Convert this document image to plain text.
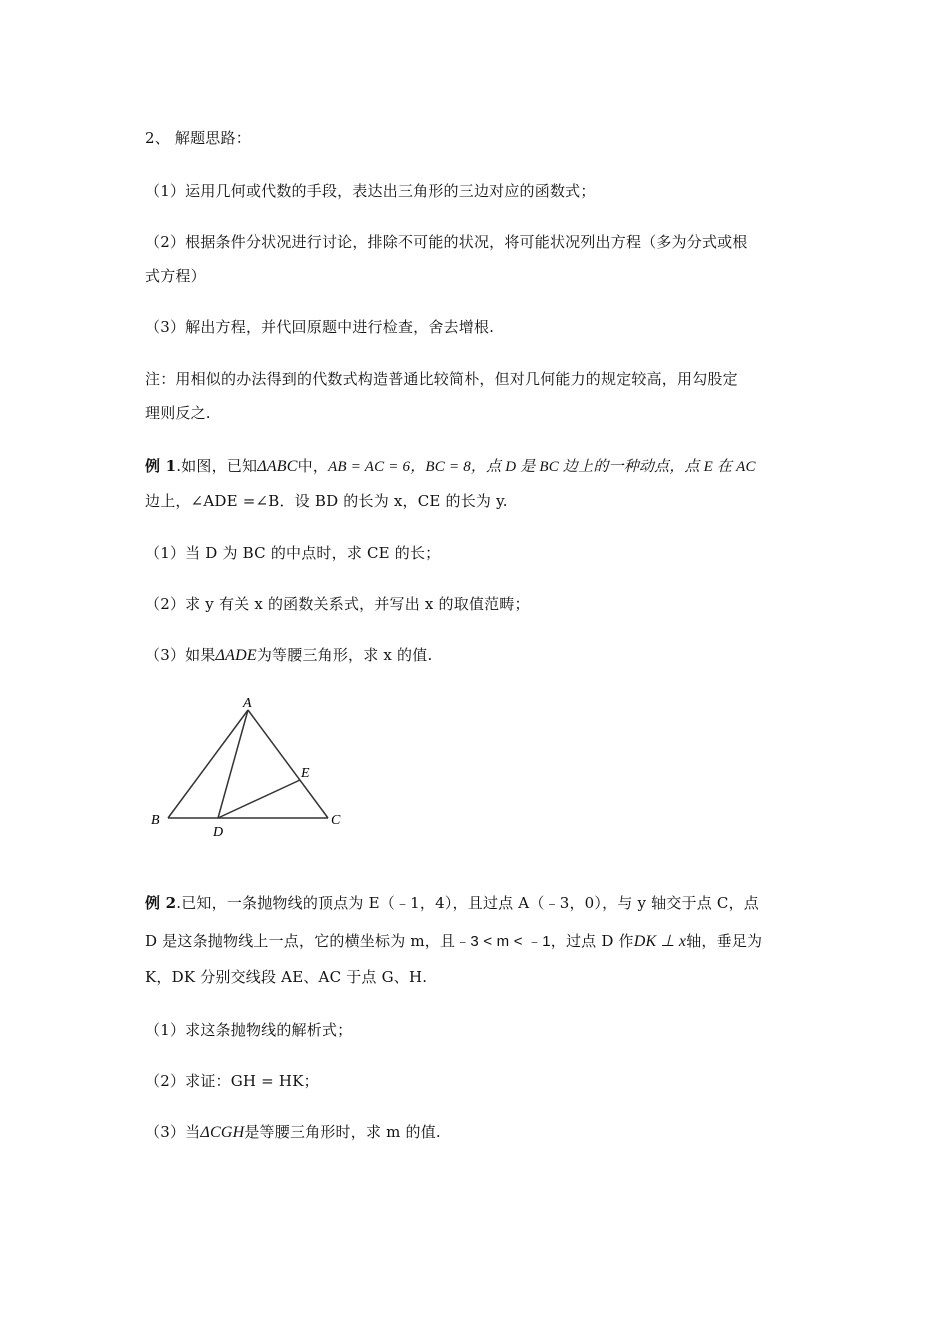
2、 解题思路：
（1）运用几何或代数的手段，表达出三角形的三边对应的函数式；
（2）根据条件分状况进行讨论，排除不可能的状况，将可能状况列出方程（多为分式或根
式方程）
（3）解出方程，并代回原题中进行检查，舍去增根.
注：用相似的办法得到的代数式构造普通比较简朴，但对几何能力的规定较高，用勾股定
理则反之.
例 1.如图，已知ΔABC中，AB = AC = 6，BC = 8，点 D 是 BC 边上的一种动点，点 E 在 AC
边上，∠ADE =∠B．设 BD 的长为 x，CE 的长为 y.
（1）当 D 为 BC 的中点时，求 CE 的长；
（2）求 y 有关 x 的函数关系式，并写出 x 的取值范畴；
（3）如果ΔADE为等腰三角形，求 x 的值.
A
B	C
D
E
例 2.已知，一条抛物线的顶点为 E（﹣1，4），且过点 A（﹣3，0），与 y 轴交于点 C，点
D 是这条抛物线上一点，它的横坐标为 m，且﹣3 < m < ﹣1，过点 D 作DK ⊥ x轴，垂足为
K，DK 分别交线段 AE、AC 于点 G、H.
（1）求这条抛物线的解析式；
（2）求证：GH = HK；
（3）当ΔCGH是等腰三角形时，求 m 的值.
